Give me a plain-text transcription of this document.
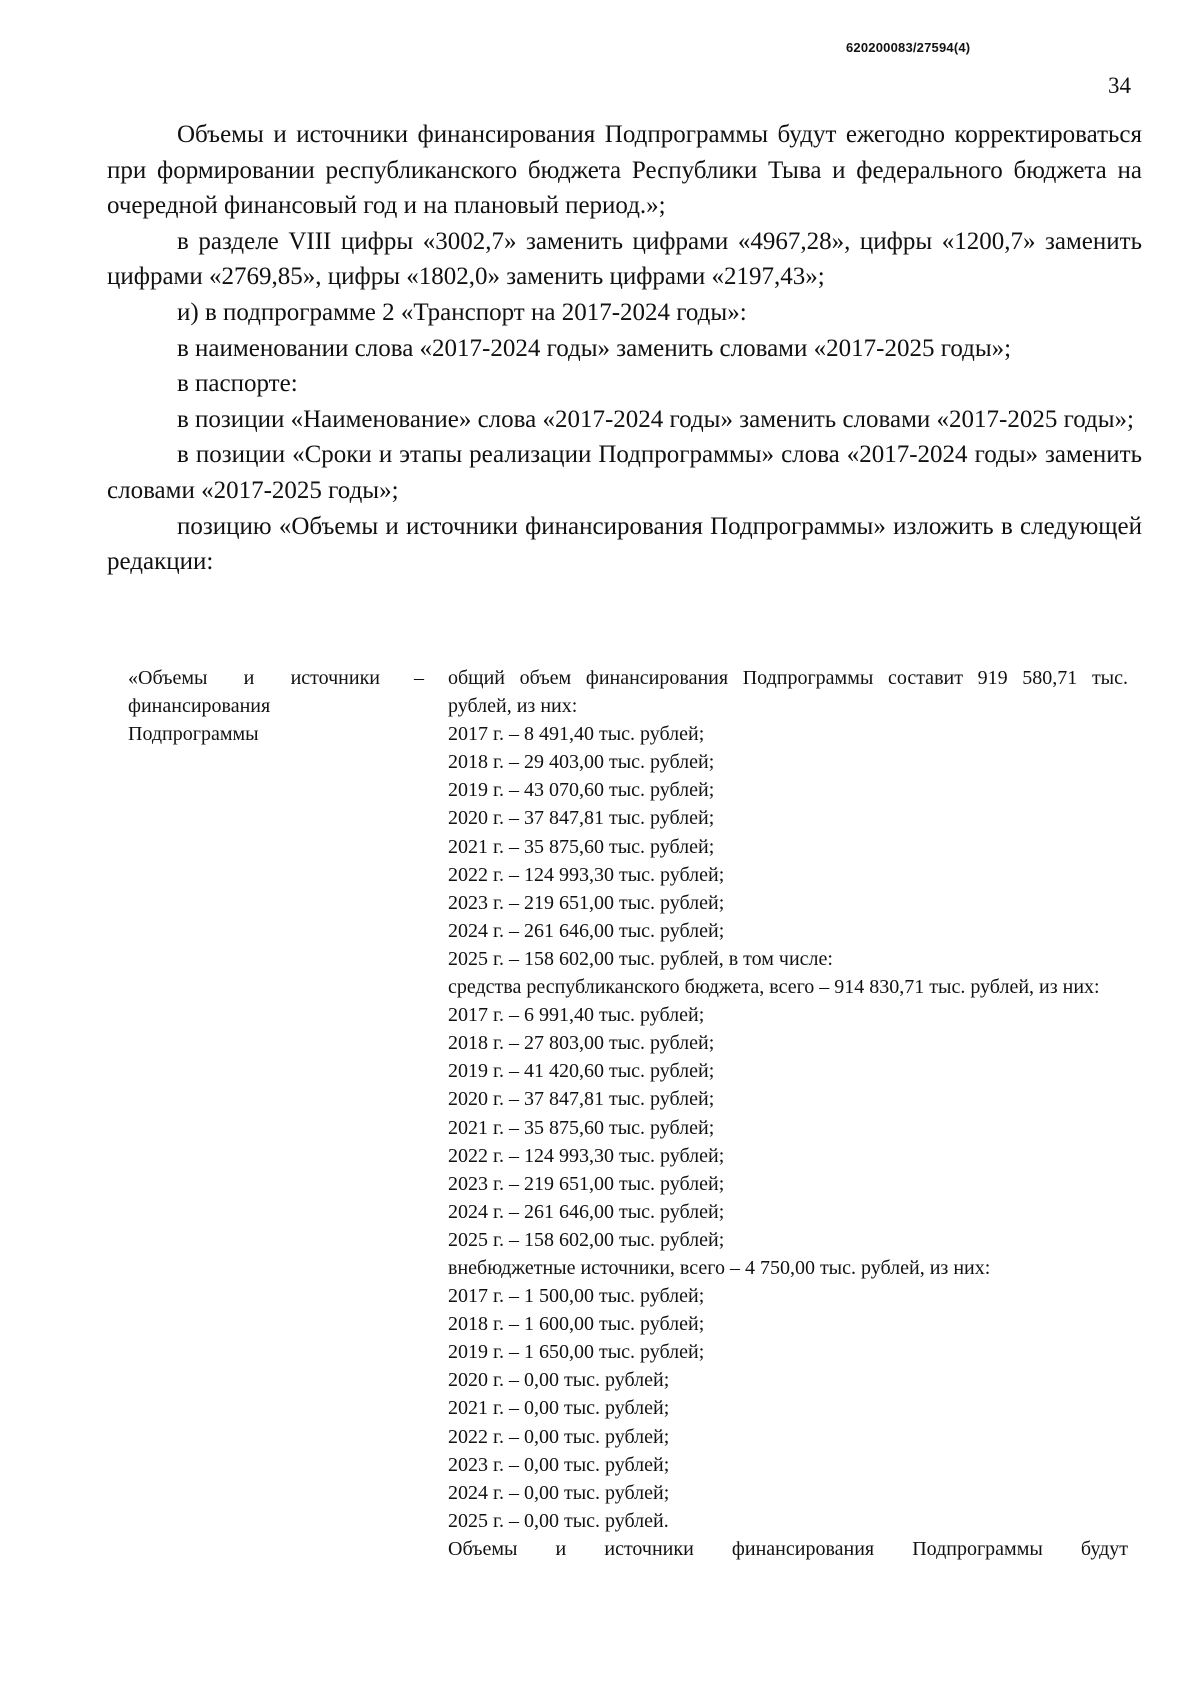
620200083/27594(4)
34

Объемы и источники финансирования Подпрограммы будут ежегодно корректироваться при формировании республиканского бюджета Республики Тыва и федерального бюджета на очередной финансовый год и на плановый период.»;

в разделе VIII цифры «3002,7» заменить цифрами «4967,28», цифры «1200,7» заменить цифрами «2769,85», цифры «1802,0» заменить цифрами «2197,43»;

и) в подпрограмме 2 «Транспорт на 2017-2024 годы»:

в наименовании слова «2017-2024 годы» заменить словами «2017-2025 годы»;

в паспорте:

в позиции «Наименование» слова «2017-2024 годы» заменить словами «2017-2025 годы»;

в позиции «Сроки и этапы реализации Подпрограммы» слова «2017-2024 годы» заменить словами «2017-2025 годы»;

позицию «Объемы и источники финансирования Подпрограммы» изложить в следующей редакции:

«Объемы и источники финансирования Подпрограммы
– общий объем финансирования Подпрограммы составит 919 580,71 тыс. рублей, из них:
2017 г. – 8 491,40 тыс. рублей;
2018 г. – 29 403,00 тыс. рублей;
2019 г. – 43 070,60 тыс. рублей;
2020 г. – 37 847,81 тыс. рублей;
2021 г. – 35 875,60 тыс. рублей;
2022 г. – 124 993,30 тыс. рублей;
2023 г. – 219 651,00 тыс. рублей;
2024 г. – 261 646,00 тыс. рублей;
2025 г. – 158 602,00 тыс. рублей, в том числе:
средства республиканского бюджета, всего – 914 830,71 тыс. рублей, из них:
2017 г. – 6 991,40 тыс. рублей;
2018 г. – 27 803,00 тыс. рублей;
2019 г. – 41 420,60 тыс. рублей;
2020 г. – 37 847,81 тыс. рублей;
2021 г. – 35 875,60 тыс. рублей;
2022 г. – 124 993,30 тыс. рублей;
2023 г. – 219 651,00 тыс. рублей;
2024 г. – 261 646,00 тыс. рублей;
2025 г. – 158 602,00 тыс. рублей;
внебюджетные источники, всего – 4 750,00 тыс. рублей, из них:
2017 г. – 1 500,00 тыс. рублей;
2018 г. – 1 600,00 тыс. рублей;
2019 г. – 1 650,00 тыс. рублей;
2020 г. – 0,00 тыс. рублей;
2021 г. – 0,00 тыс. рублей;
2022 г. – 0,00 тыс. рублей;
2023 г. – 0,00 тыс. рублей;
2024 г. – 0,00 тыс. рублей;
2025 г. – 0,00 тыс. рублей.
Объемы и источники финансирования Подпрограммы будут
